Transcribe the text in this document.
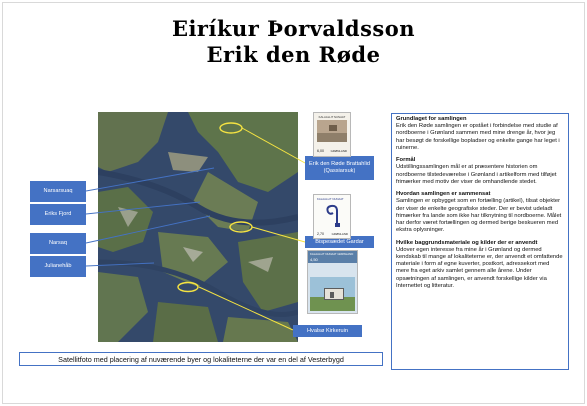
Eiríkur Þorvaldsson
Erik den Røde
Narsarsuaq
Eriks Fjord
Narsaq
Julianehåb
Erik den Røde Brattahlid (Qassiarsuk)
Bispesædet Gardar
Hvalsø Kirkeruin
KALAALLIT NUNAAT
6,00 GRØNLAND
KALAALLIT NUNAAT
2,70	GRØNLAND
KALAALLIT NUNAAT GRØNLAND
4,50
Satellitfoto med placering af nuværende byer og lokaliteterne der var en del af Vesterbygd
Grundlaget for samlingen
Erik den Røde samlingen er opstået i forbindelse med studie af nordboerne i Grønland sammen med mine drenge år, hvor jeg har besøgt de forskellige bopladser og enkelte gange har leget i ruinerne.
Formål
Udstillingssamlingen mål er at præsentere historien om nordboerne tilstedeværelse i Grønland i artikelform med tilføjet frimærker med motiv der viser de omhandlende stedet.
Hvordan samlingen er sammensat
Samlingen er opbygget som en fortælling (artikel), tilsat objekter der viser de enkelte geografiske steder. Der er bevist udeladt frimærker fra lande som ikke har tilknytning til nordboerne. Målet har derfor været fortællingen og dermed berige beskueren med ekstra oplysninger.
Hvilke baggrundsmateriale og kilder der er anvendt
Udover egen interesse fra mine år i Grønland og dermed kendskab til mange af lokaliteterne er, der anvendt et omfattende materiale i form af egne kuverter, postkort, adressekort med mere fra eget arkiv samlet gennem alle årene. Under opsætningen af samlingen, er anvendt forskellige kilder via Internettet og litteratur.
